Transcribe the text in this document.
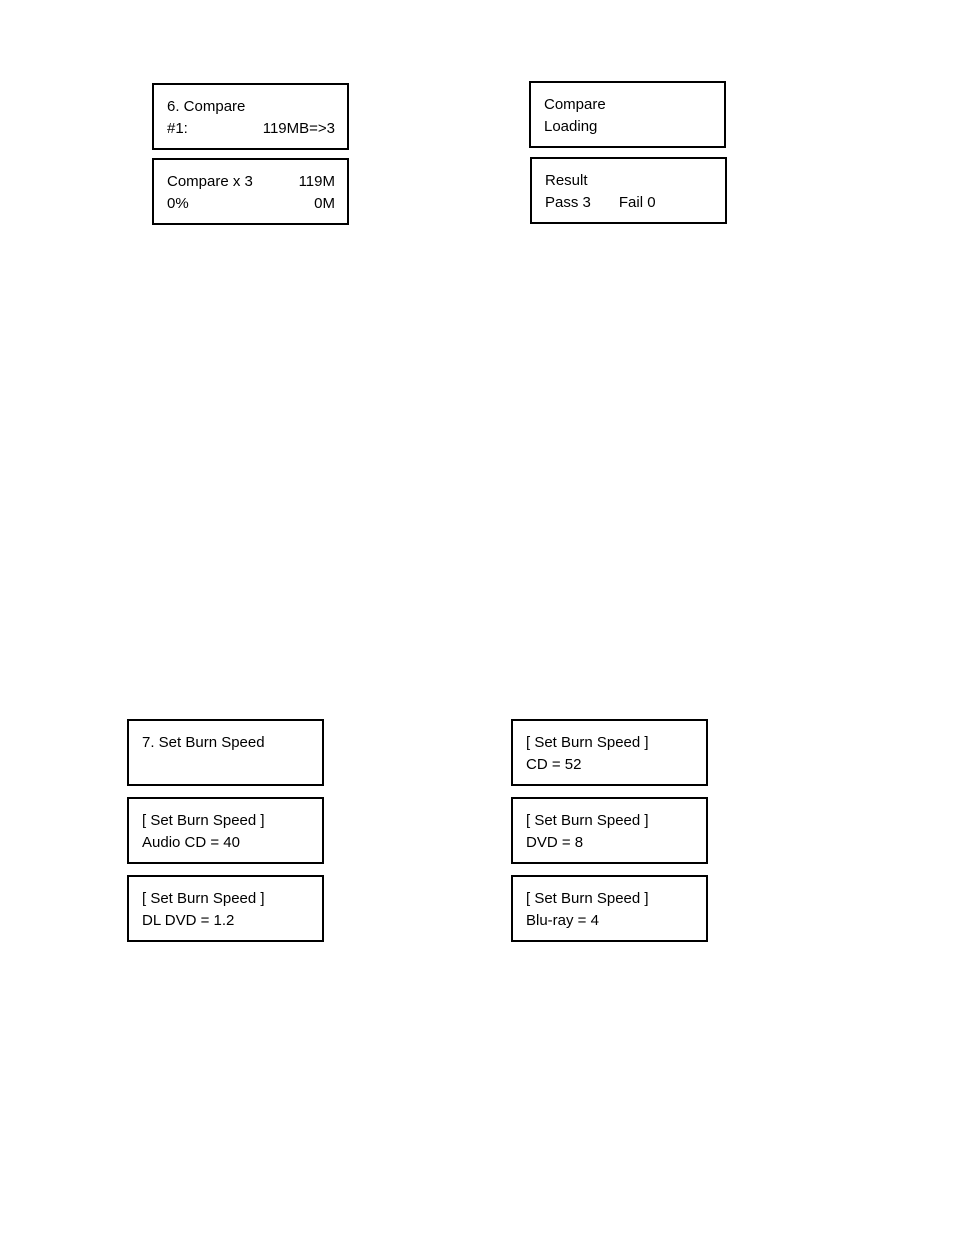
6. Compare
#1:	119MB=>3
Compare x 3	119M
0%	0M
Compare
Loading
Result
Pass 3 Fail 0
7. Set Burn Speed
[ Set Burn Speed ]
Audio CD = 40
[ Set Burn Speed ]
DL DVD = 1.2
[ Set Burn Speed ]
CD = 52
[ Set Burn Speed ]
DVD = 8
[ Set Burn Speed ]
Blu-ray = 4
